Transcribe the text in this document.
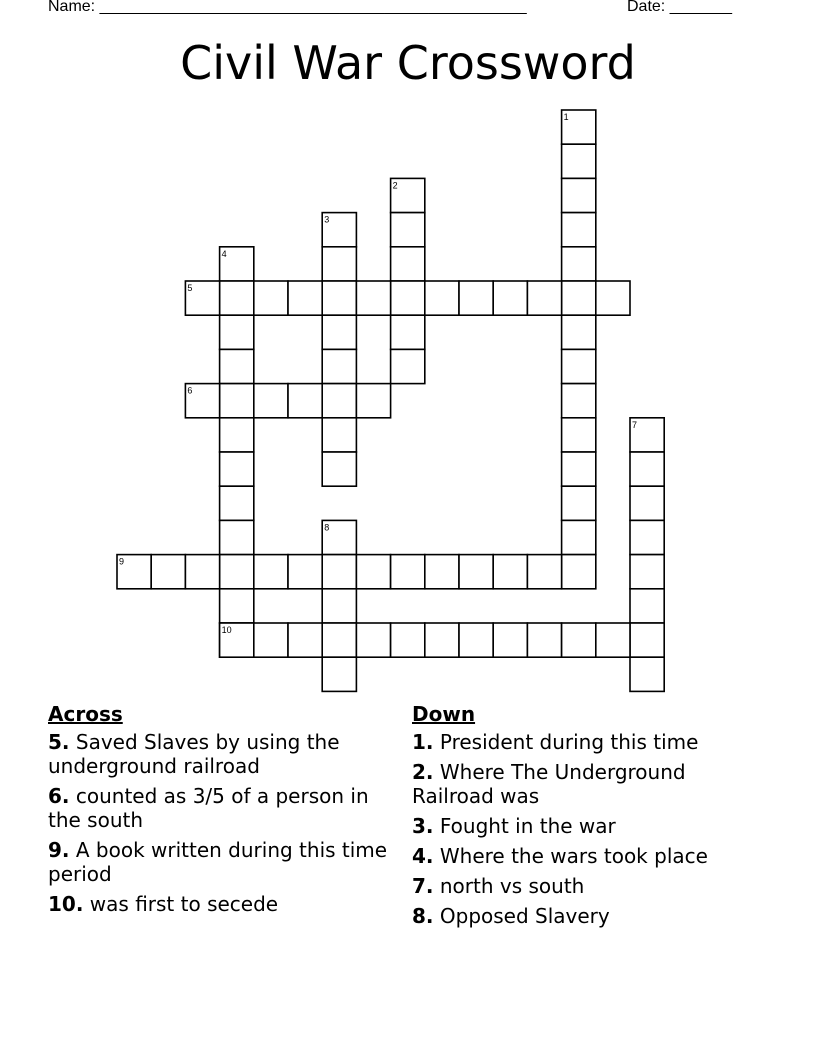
Name: ________________________________________________	Date: _______
Civil War Crossword
1
2
3
4
5
6
7
8
9
10
Across
5. Saved Slaves by using the underground railroad
6. counted as 3/5 of a person in the south
9. A book written during this time period
10. was first to secede
Down
1. President during this time
2. Where The Underground Railroad was
3. Fought in the war
4. Where the wars took place
7. north vs south
8. Opposed Slavery
